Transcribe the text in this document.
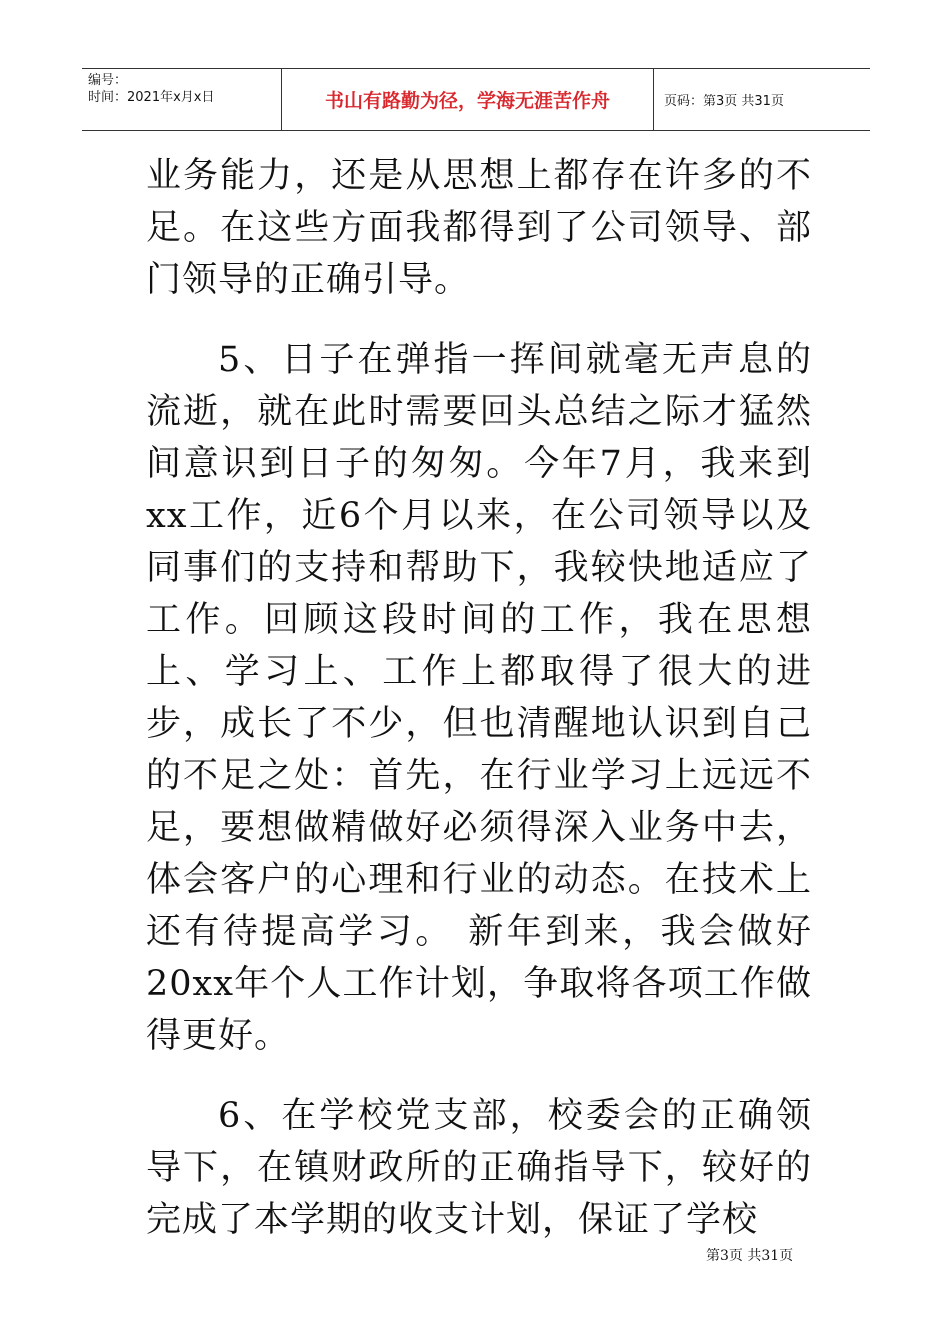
编号：
时间：2021年x月x日	书山有路勤为径，学海无涯苦作舟	页码：第3页 共31页

业务能力，还是从思想上都存在许多的不足。在这些方面我都得到了公司领导、部门领导的正确引导。

5、日子在弹指一挥间就毫无声息的流逝，就在此时需要回头总结之际才猛然间意识到日子的匆匆。今年7月，我来到xx工作，近6个月以来，在公司领导以及同事们的支持和帮助下，我较快地适应了工作。回顾这段时间的工作，我在思想上、学习上、工作上都取得了很大的进步，成长了不少，但也清醒地认识到自己的不足之处：首先，在行业学习上远远不足，要想做精做好必须得深入业务中去，体会客户的心理和行业的动态。在技术上还有待提高学习。 新年到来，我会做好20xx年个人工作计划，争取将各项工作做得更好。

6、在学校党支部，校委会的正确领导下，在镇财政所的正确指导下，较好的完成了本学期的收支计划，保证了学校

第3页 共31页
